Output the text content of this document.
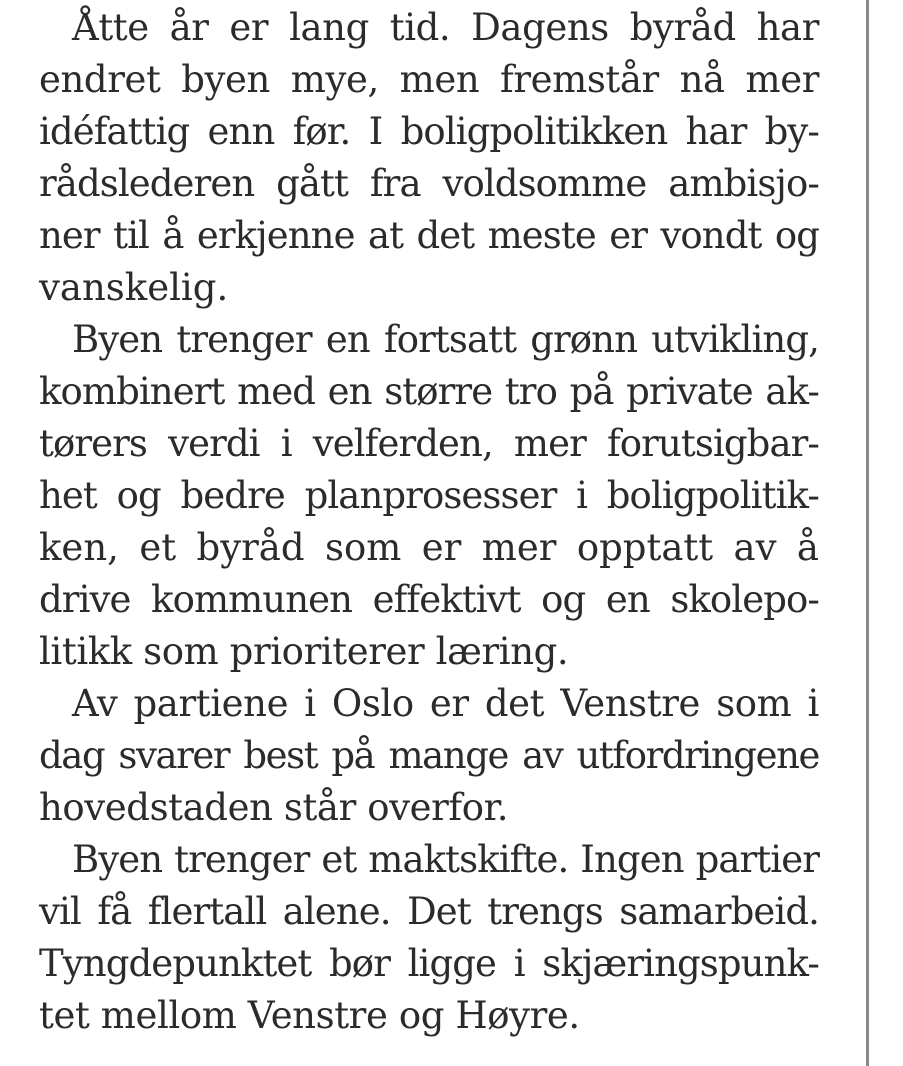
Åtte år er lang tid. Dagens byråd har
endret byen mye, men fremstår nå mer
idéfattig enn før. I boligpolitikken har by-
rådslederen gått fra voldsomme ambisjo-
ner til å erkjenne at det meste er vondt og
vanskelig.
Byen trenger en fortsatt grønn utvikling,
kombinert med en større tro på private ak-
tørers verdi i velferden, mer forutsigbar-
het og bedre planprosesser i boligpolitik-
ken, et byråd som er mer opptatt av å
drive kommunen effektivt og en skolepo-
litikk som prioriterer læring.
Av partiene i Oslo er det Venstre som i
dag svarer best på mange av utfordringene
hovedstaden står overfor.
Byen trenger et maktskifte. Ingen partier
vil få flertall alene. Det trengs samarbeid.
Tyngdepunktet bør ligge i skjæringspunk-
tet mellom Venstre og Høyre.
